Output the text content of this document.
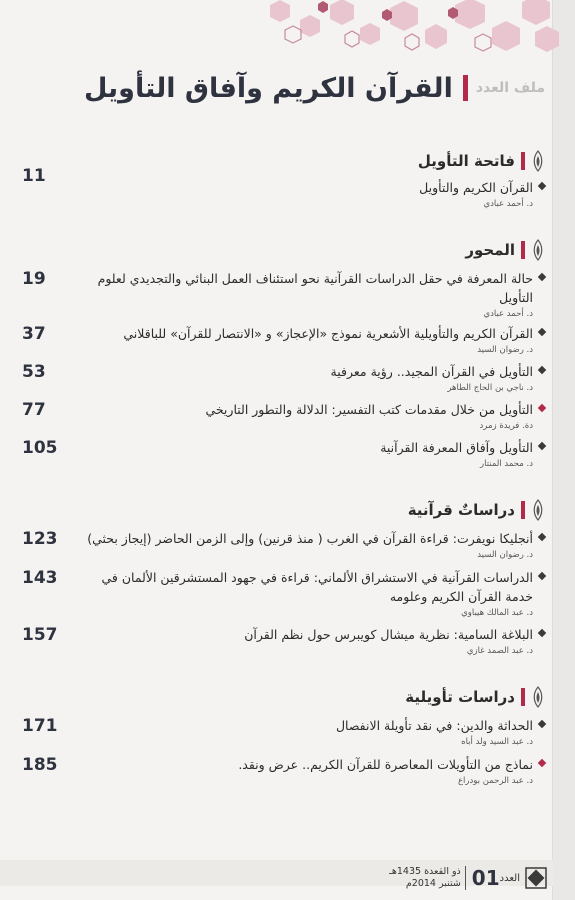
ملف العدد
القرآن الكريم وآفاق التأويل
فاتحة التأويل
القرآن الكريم والتأويل
د. أحمد عبادي
11
المحور
حالة المعرفة في حقل الدراسات القرآنية نحو استئناف العمل البنائي والتجديدي لعلوم التأويل
د. أحمد عبادي
19
القرآن الكريم والتأويلية الأشعرية نموذج «الإعجاز» و «الانتصار للقرآن» للباقلاني
د. رضوان السيد
37
التأويل في القرآن المجيد.. رؤية معرفية
د. ناجي بن الحاج الطاهر
53
التأويل من خلال مقدمات كتب التفسير: الدلالة والتطور التاريخي
دة. فريدة زمرد
77
التأويل وآفاق المعرفة القرآنية
د. محمد المنتار
105
دراساتٌ قرآنية
أنجليكا نويفرت: قراءة القرآن في الغرب ( منذ قرنين) وإلى الزمن الحاضر (إيجاز بحثي)
د. رضوان السيد
123
الدراسات القرآنية في الاستشراق الألماني: قراءة في جهود المستشرقين الألمان في خدمة القرآن الكريم وعلومه
د. عبد المالك هيباوي
143
البلاغة السامية: نظرية ميشال كويبرس حول نظم القرآن
د. عبد الصمد غازي
157
دراسات تأويلية
الحداثة والدين: في نقد تأويلة الانفصال
د. عبد السيد ولد أباه
171
نماذج من التأويلات المعاصرة للقرآن الكريم.. عرض ونقد.
د. عبد الرحمن بودراع
185
العدد
01
ذو القعدة 1435هـ
شتنبر 2014م
